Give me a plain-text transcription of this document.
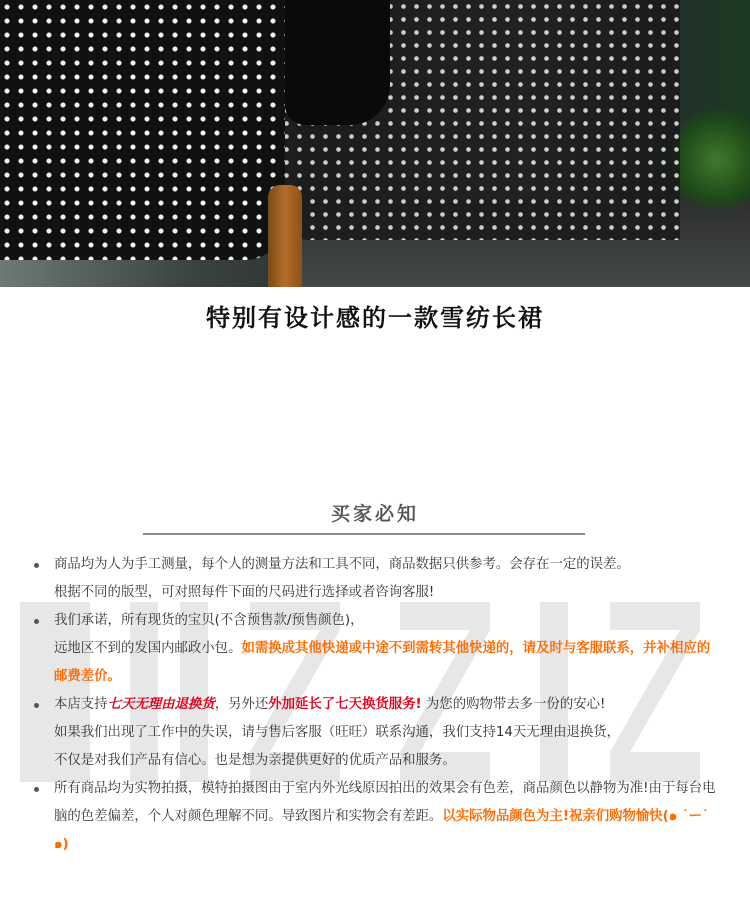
特别有设计感的一款雪纺长裙
买家必知
商品均为人为手工测量，每个人的测量方法和工具不同，商品数据只供参考。会存在一定的误差。
根据不同的版型，可对照每件下面的尺码进行选择或者咨询客服!
我们承诺，所有现货的宝贝(不含预售款/预售颜色)，
远地区不到的发国内邮政小包。如需换成其他快递或中途不到需转其他快递的，请及时与客服联系，并补相应的邮费差价。
本店支持七天无理由退换货，另外还外加延长了七天换货服务! 为您的购物带去多一份的安心!
如果我们出现了工作中的失误，请与售后客服（旺旺）联系沟通，我们支持14天无理由退换货，
不仅是对我们产品有信心。也是想为亲提供更好的优质产品和服务。
所有商品均为实物拍摄，模特拍摄图由于室内外光线原因拍出的效果会有色差，商品颜色以静物为准!由于每台电脑的色差偏差，个人对颜色理解不同。导致图片和实物会有差距。以实际物品颜色为主!祝亲们购物愉快(๑ ˙ー˙ ๑)
